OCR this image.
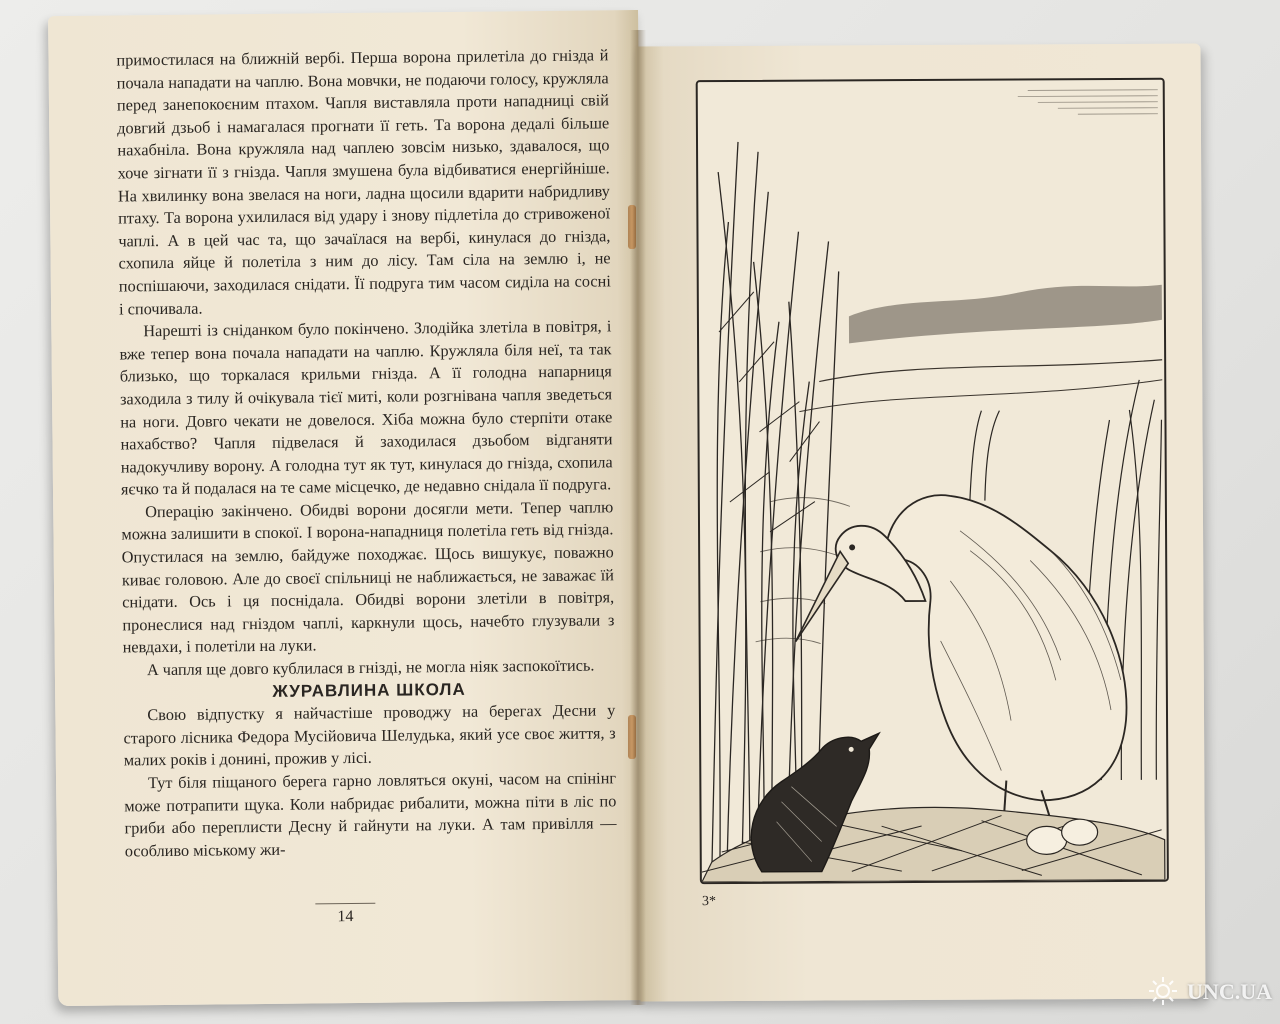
примостилася на ближній вербі. Перша ворона прилетіла до гнізда й почала нападати на чаплю. Вона мовчки, не подаючи голосу, кружляла перед занепокоєним птахом. Чапля виставляла проти нападниці свій довгий дзьоб і намагалася прогнати її геть. Та ворона дедалі більше нахабніла. Вона кружляла над чаплею зовсім низько, здавалося, що хоче зігнати її з гнізда. Чапля змушена була відбиватися енергійніше. На хвилинку вона звелася на ноги, ладна щосили вдарити набридливу птаху. Та ворона ухилилася від удару і знову підлетіла до стривоженої чаплі. А в цей час та, що зачаїлася на вербі, кинулася до гнізда, схопила яйце й полетіла з ним до лісу. Там сіла на землю і, не поспішаючи, заходилася снідати. Її подруга тим часом сиділа на сосні і спочивала.

Нарешті із сніданком було покінчено. Злодійка злетіла в повітря, і вже тепер вона почала нападати на чаплю. Кружляла біля неї, та так близько, що торкалася крильми гнізда. А її голодна напарниця заходила з тилу й очікувала тієї миті, коли розгнівана чапля зведеться на ноги. Довго чекати не довелося. Хіба можна було стерпіти отаке нахабство? Чапля підвелася й заходилася дзьобом відганяти надокучливу ворону. А голодна тут як тут, кинулася до гнізда, схопила яєчко та й подалася на те саме місцечко, де недавно снідала її подруга.

Операцію закінчено. Обидві ворони досягли мети. Тепер чаплю можна залишити в спокої. І ворона-нападниця полетіла геть від гнізда. Опустилася на землю, байдуже походжає. Щось вишукує, поважно киває головою. Але до своєї спільниці не наближається, не заважає їй снідати. Ось і ця поснідала. Обидві ворони злетіли в повітря, пронеслися над гніздом чаплі, каркнули щось, начебто глузували з невдахи, і полетіли на луки.

А чапля ще довго кублилася в гнізді, не могла ніяк заспокоїтись.

ЖУРАВЛИНА ШКОЛА

Свою відпустку я найчастіше проводжу на берегах Десни у старого лісника Федора Мусійовича Шелудька, який усе своє життя, з малих років і донині, прожив у лісі.

Тут біля піщаного берега гарно ловляться окуні, часом на спінінг може потрапити щука. Коли набридає рибалити, можна піти в ліс по гриби або переплисти Десну й гайнути на луки. А там привілля — особливо міському жи-

14
3*
UNC.UA
